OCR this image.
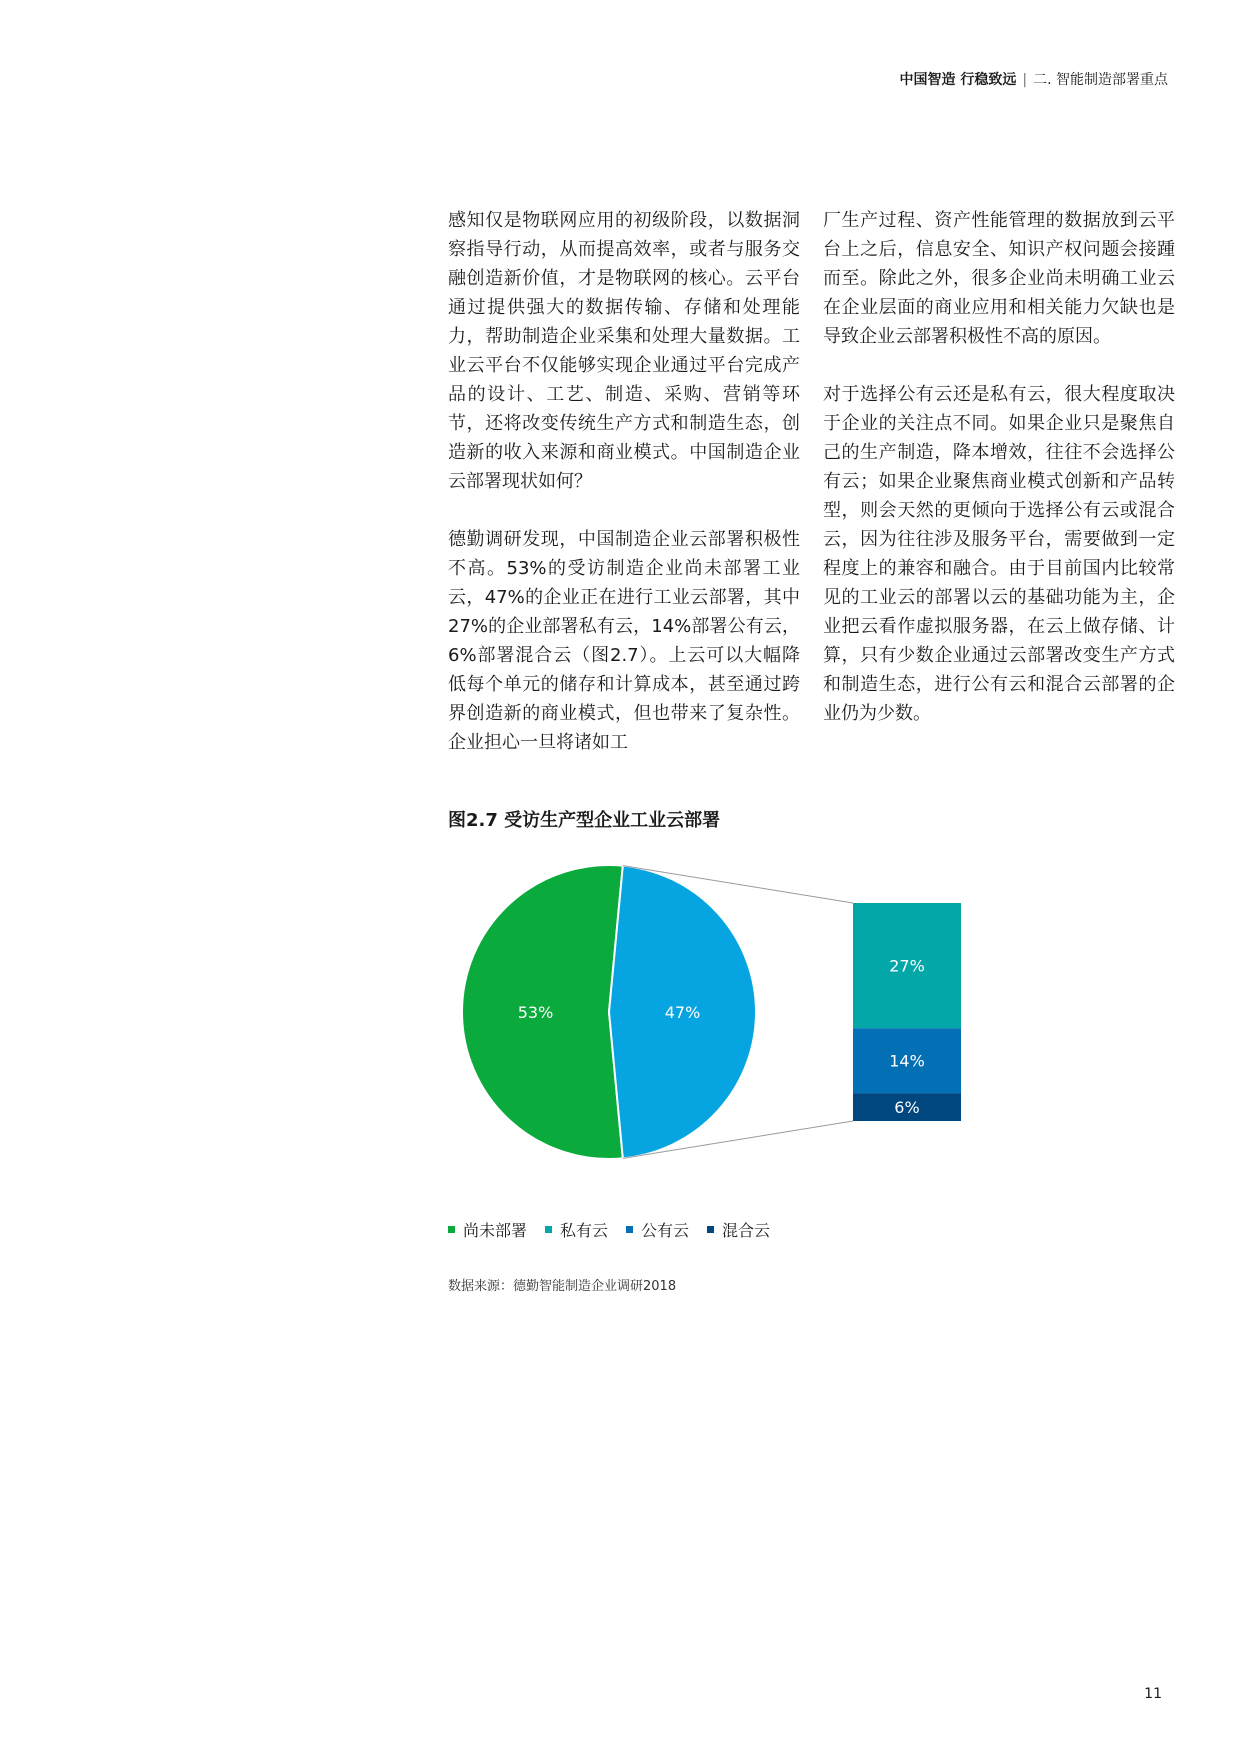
中国智造 行稳致远 | 二. 智能制造部署重点

感知仅是物联网应用的初级阶段，以数据洞察指导行动，从而提高效率，或者与服务交融创造新价值，才是物联网的核心。云平台通过提供强大的数据传输、存储和处理能力，帮助制造企业采集和处理大量数据。工业云平台不仅能够实现企业通过平台完成产品的设计、工艺、制造、采购、营销等环节，还将改变传统生产方式和制造生态，创造新的收入来源和商业模式。中国制造企业云部署现状如何？

德勤调研发现，中国制造企业云部署积极性不高。53%的受访制造企业尚未部署工业云，47%的企业正在进行工业云部署，其中27%的企业部署私有云，14%部署公有云，6%部署混合云（图2.7）。上云可以大幅降低每个单元的储存和计算成本，甚至通过跨界创造新的商业模式，但也带来了复杂性。企业担心一旦将诸如工

厂生产过程、资产性能管理的数据放到云平台上之后，信息安全、知识产权问题会接踵而至。除此之外，很多企业尚未明确工业云在企业层面的商业应用和相关能力欠缺也是导致企业云部署积极性不高的原因。

对于选择公有云还是私有云，很大程度取决于企业的关注点不同。如果企业只是聚焦自己的生产制造，降本增效，往往不会选择公有云；如果企业聚焦商业模式创新和产品转型，则会天然的更倾向于选择公有云或混合云，因为往往涉及服务平台，需要做到一定程度上的兼容和融合。由于目前国内比较常见的工业云的部署以云的基础功能为主，企业把云看作虚拟服务器，在云上做存储、计算，只有少数企业通过云部署改变生产方式和制造生态，进行公有云和混合云部署的企业仍为少数。

图2.7 受访生产型企业工业云部署
53%	47%
27%
14%
6%
尚未部署 私有云 公有云 混合云
数据来源：德勤智能制造企业调研2018
11
